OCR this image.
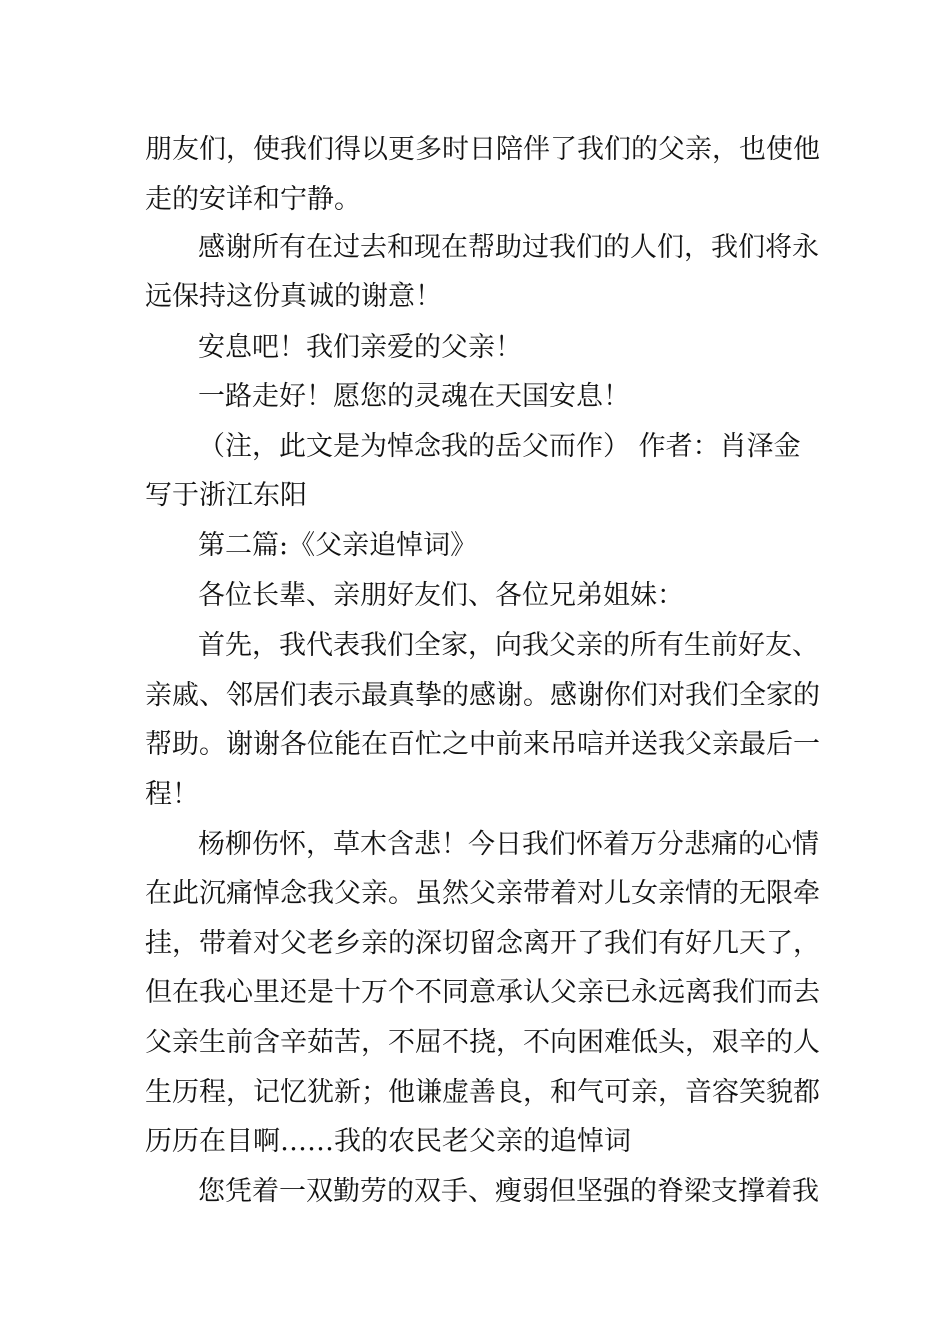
朋友们，使我们得以更多时日陪伴了我们的父亲，也使他
走的安详和宁静。
感谢所有在过去和现在帮助过我们的人们，我们将永
远保持这份真诚的谢意！
安息吧！我们亲爱的父亲！
一路走好！愿您的灵魂在天国安息！
（注，此文是为悼念我的岳父而作） 作者：肖泽金
写于浙江东阳
第二篇:《父亲追悼词》
各位长辈、亲朋好友们、各位兄弟姐妹：
首先，我代表我们全家，向我父亲的所有生前好友、
亲戚、邻居们表示最真挚的感谢。感谢你们对我们全家的
帮助。谢谢各位能在百忙之中前来吊唁并送我父亲最后一
程！
杨柳伤怀，草木含悲！今日我们怀着万分悲痛的心情
在此沉痛悼念我父亲。虽然父亲带着对儿女亲情的无限牵
挂，带着对父老乡亲的深切留念离开了我们有好几天了，
但在我心里还是十万个不同意承认父亲已永远离我们而去
父亲生前含辛茹苦，不屈不挠，不向困难低头，艰辛的人
生历程，记忆犹新；他谦虚善良，和气可亲，音容笑貌都
历历在目啊……我的农民老父亲的追悼词
您凭着一双勤劳的双手、瘦弱但坚强的脊梁支撑着我
